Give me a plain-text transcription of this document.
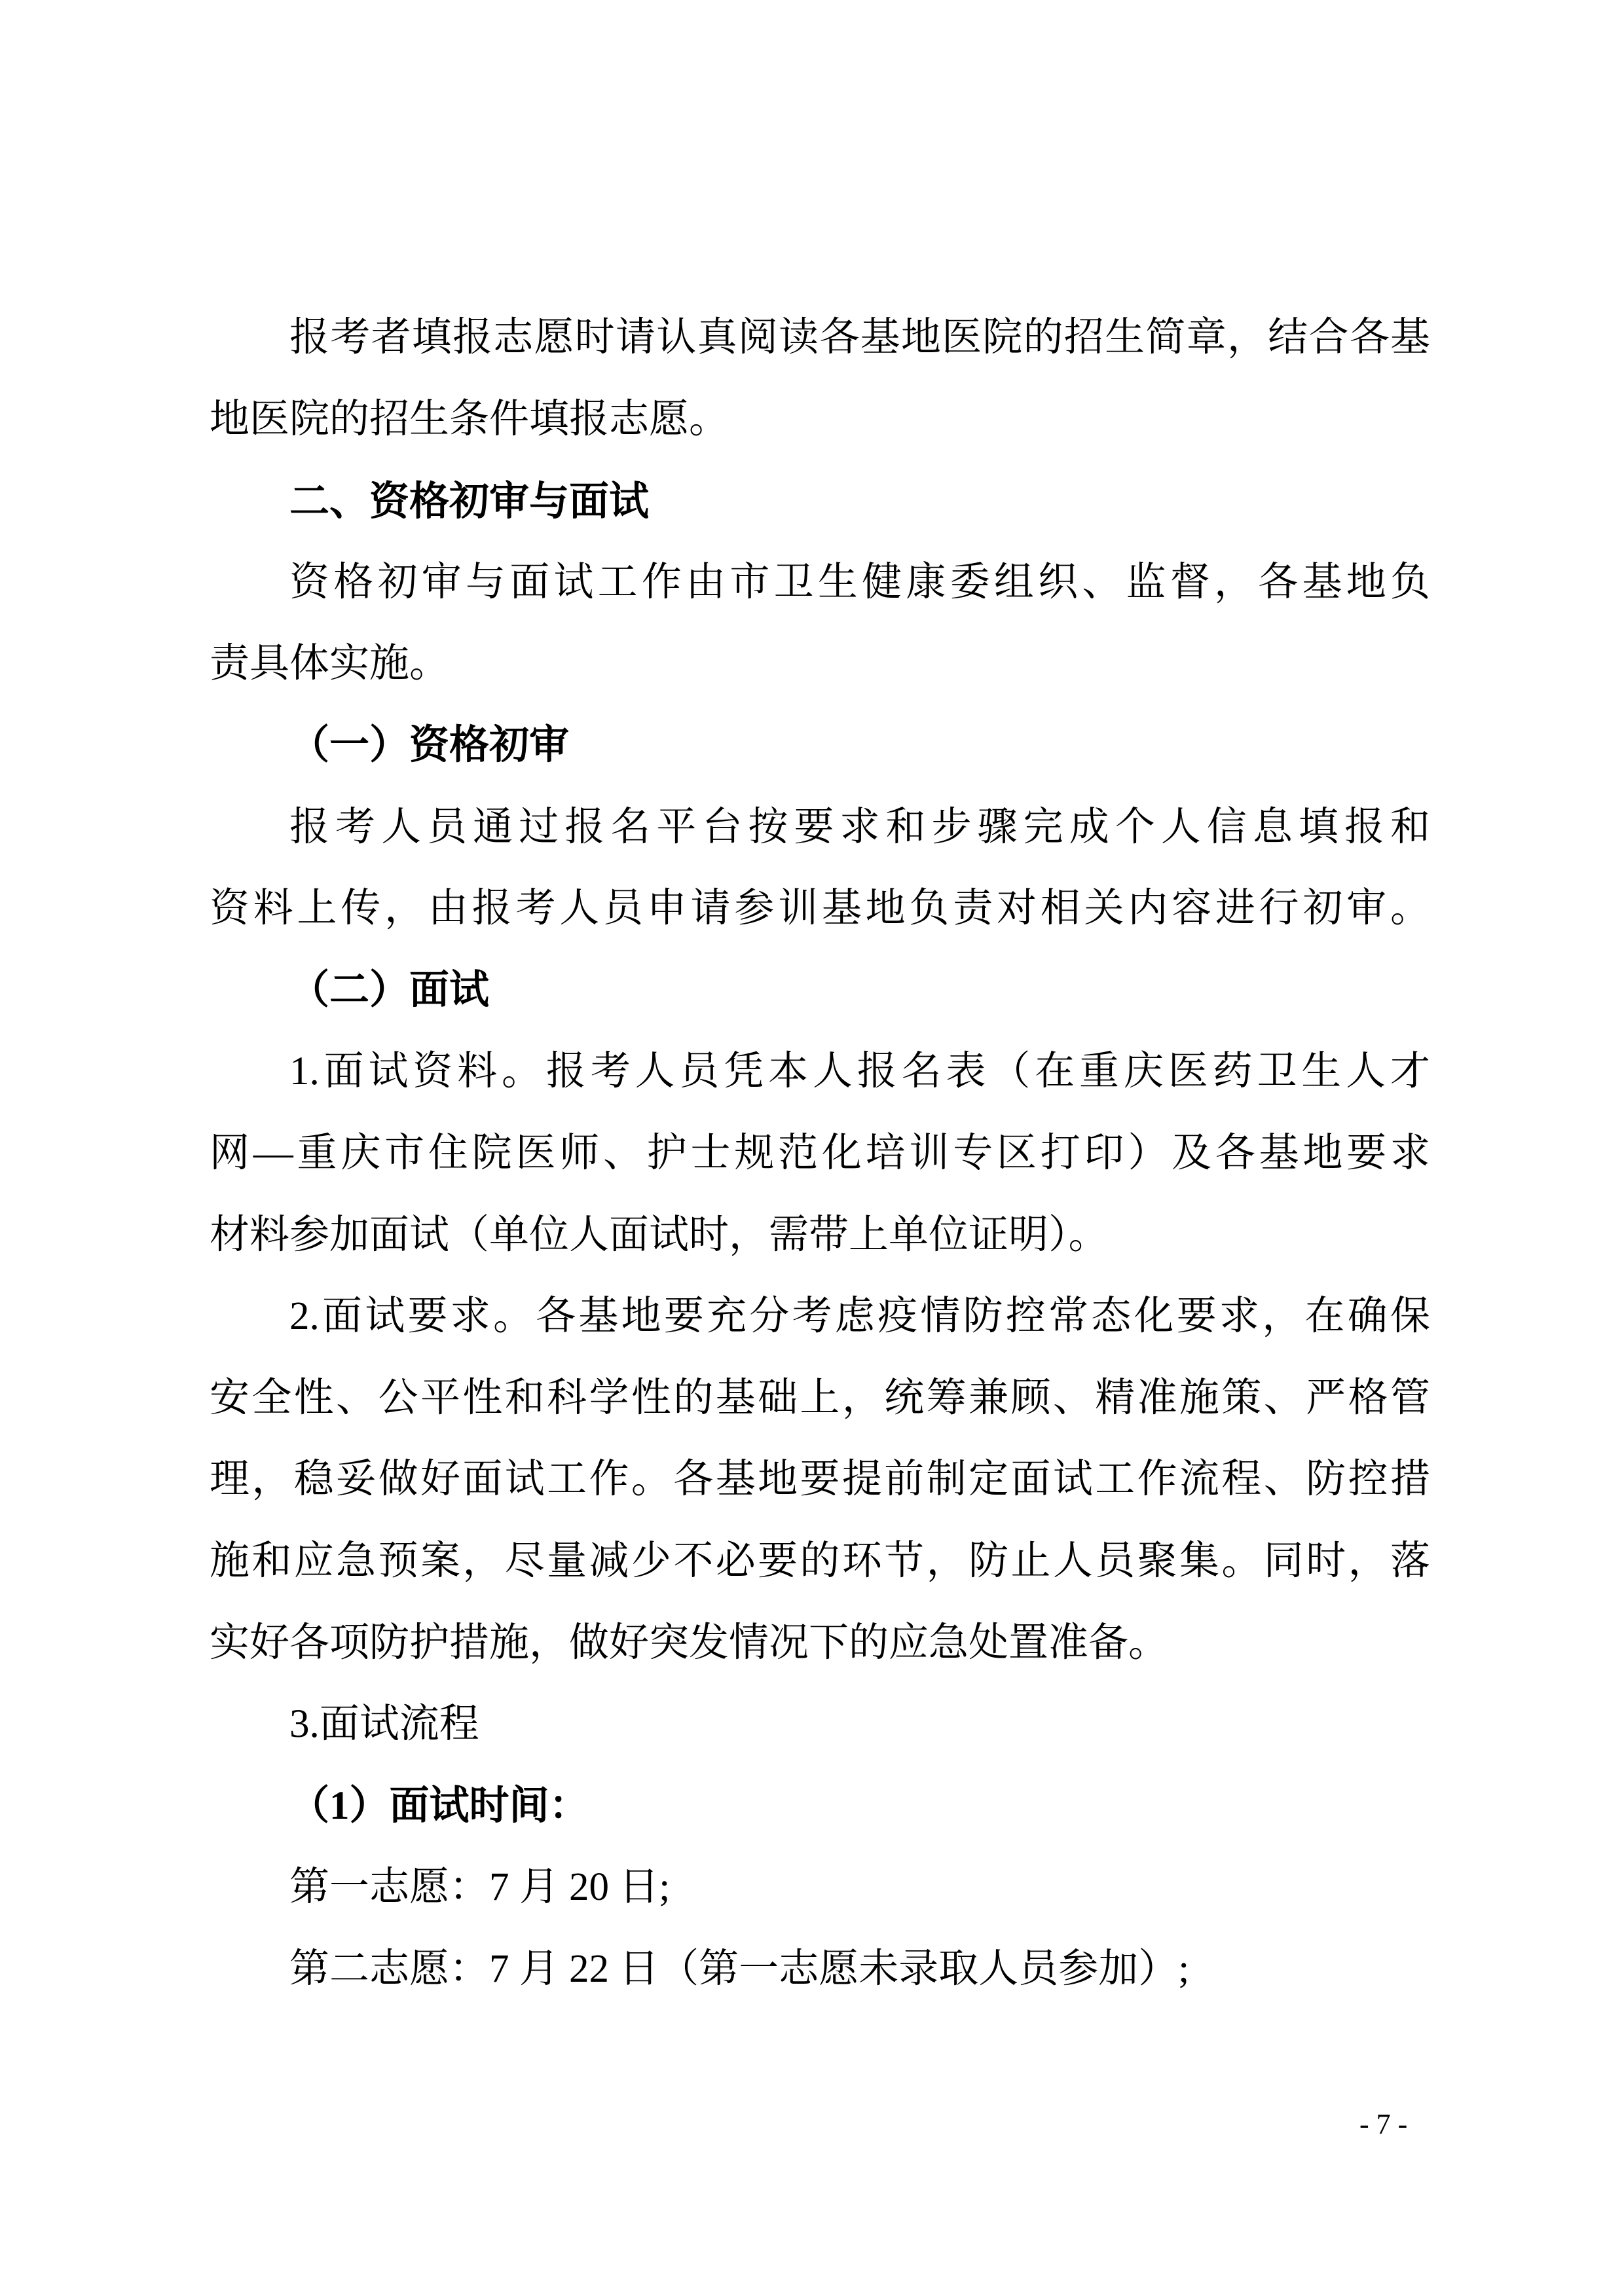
报考者填报志愿时请认真阅读各基地医院的招生简章，结合各基
地医院的招生条件填报志愿。
二、资格初审与面试
资格初审与面试工作由市卫生健康委组织、监督，各基地负
责具体实施。
（一）资格初审
报考人员通过报名平台按要求和步骤完成个人信息填报和
资料上传，由报考人员申请参训基地负责对相关内容进行初审。
（二）面试
1.面试资料。报考人员凭本人报名表（在重庆医药卫生人才
网—重庆市住院医师、护士规范化培训专区打印）及各基地要求
材料参加面试（单位人面试时，需带上单位证明）。
2.面试要求。各基地要充分考虑疫情防控常态化要求，在确保
安全性、公平性和科学性的基础上，统筹兼顾、精准施策、严格管
理，稳妥做好面试工作。各基地要提前制定面试工作流程、防控措
施和应急预案，尽量减少不必要的环节，防止人员聚集。同时，落
实好各项防护措施，做好突发情况下的应急处置准备。
3.面试流程
（1）面试时间：
第一志愿：7 月 20 日;
第二志愿：7 月 22 日（第一志愿未录取人员参加）;
- 7 -
